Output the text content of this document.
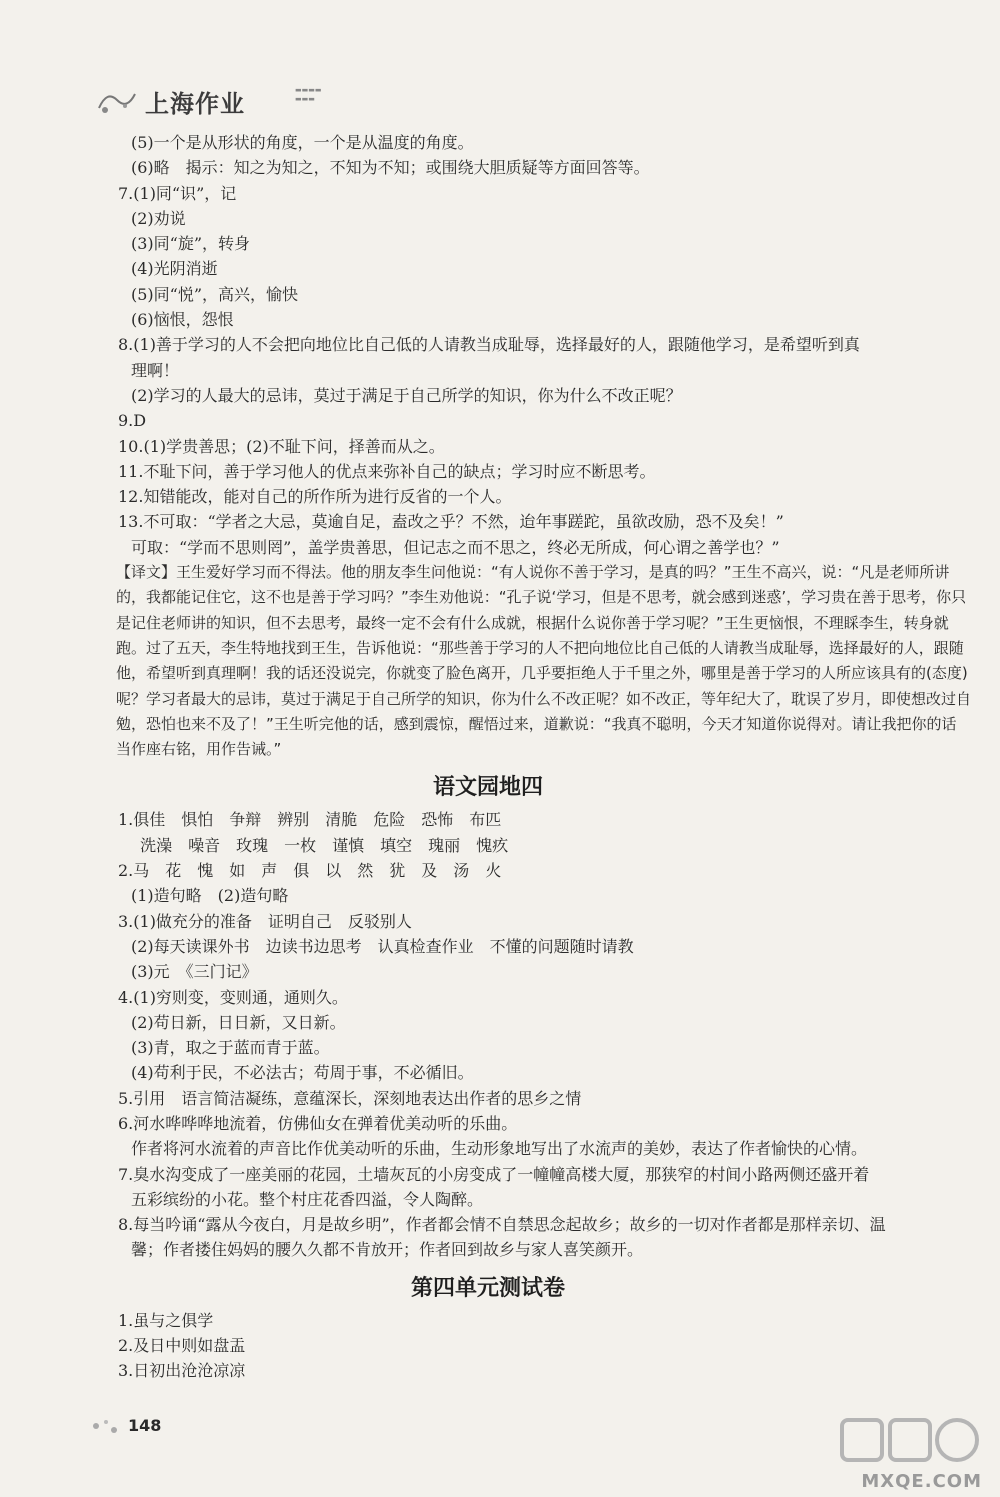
上海作业	▬▬▬▬
▬▬▬
(5)一个是从形状的角度，一个是从温度的角度。
(6)略　揭示：知之为知之，不知为不知；或围绕大胆质疑等方面回答等。
7.(1)同“识”，记
(2)劝说
(3)同“旋”，转身
(4)光阴消逝
(5)同“悦”，高兴，愉快
(6)恼恨，怨恨
8.(1)善于学习的人不会把向地位比自己低的人请教当成耻辱，选择最好的人，跟随他学习，是希望听到真
理啊！
(2)学习的人最大的忌讳，莫过于满足于自己所学的知识，你为什么不改正呢？
9.D
10.(1)学贵善思；(2)不耻下问，择善而从之。
11.不耻下问，善于学习他人的优点来弥补自己的缺点；学习时应不断思考。
12.知错能改，能对自己的所作所为进行反省的一个人。
13.不可取：“学者之大忌，莫逾自足，盍改之乎？不然，迨年事蹉跎，虽欲改励，恐不及矣！”
可取：“学而不思则罔”，盖学贵善思，但记志之而不思之，终必无所成，何心谓之善学也？”
【译文】王生爱好学习而不得法。他的朋友李生问他说：“有人说你不善于学习，是真的吗？”王生不高兴，说：“凡是老师所讲的，我都能记住它，这不也是善于学习吗？”李生劝他说：“孔子说‘学习，但是不思考，就会感到迷惑’，学习贵在善于思考，你只是记住老师讲的知识，但不去思考，最终一定不会有什么成就，根据什么说你善于学习呢？”王生更恼恨，不理睬李生，转身就跑。过了五天，李生特地找到王生，告诉他说：“那些善于学习的人不把向地位比自己低的人请教当成耻辱，选择最好的人，跟随他，希望听到真理啊！我的话还没说完，你就变了脸色离开，几乎要拒绝人于千里之外，哪里是善于学习的人所应该具有的(态度)呢？学习者最大的忌讳，莫过于满足于自己所学的知识，你为什么不改正呢？如不改正，等年纪大了，耽误了岁月，即使想改过自勉，恐怕也来不及了！”王生听完他的话，感到震惊，醒悟过来，道歉说：“我真不聪明，今天才知道你说得对。请让我把你的话当作座右铭，用作告诫。”
语文园地四
1.俱佳　惧怕　争辩　辨别　清脆　危险　恐怖　布匹
洗澡　噪音　玫瑰　一枚　谨慎　填空　瑰丽　愧疚
2.马　花　愧　如　声　俱　以　然　犹　及　汤　火
(1)造句略　(2)造句略
3.(1)做充分的准备　证明自己　反驳别人
(2)每天读课外书　边读书边思考　认真检查作业　不懂的问题随时请教
(3)元　《三门记》
4.(1)穷则变，变则通，通则久。
(2)苟日新，日日新，又日新。
(3)青，取之于蓝而青于蓝。
(4)苟利于民，不必法古；苟周于事，不必循旧。
5.引用　语言简洁凝练，意蕴深长，深刻地表达出作者的思乡之情
6.河水哗哗哗地流着，仿佛仙女在弹着优美动听的乐曲。
作者将河水流着的声音比作优美动听的乐曲，生动形象地写出了水流声的美妙，表达了作者愉快的心情。
7.臭水沟变成了一座美丽的花园，土墙灰瓦的小房变成了一幢幢高楼大厦，那狭窄的村间小路两侧还盛开着
五彩缤纷的小花。整个村庄花香四溢，令人陶醉。
8.每当吟诵“露从今夜白，月是故乡明”，作者都会情不自禁思念起故乡；故乡的一切对作者都是那样亲切、温
馨；作者搂住妈妈的腰久久都不肯放开；作者回到故乡与家人喜笑颜开。
第四单元测试卷
1.虽与之俱学
2.及日中则如盘盂
3.日初出沧沧凉凉
148
MXQE.COM
